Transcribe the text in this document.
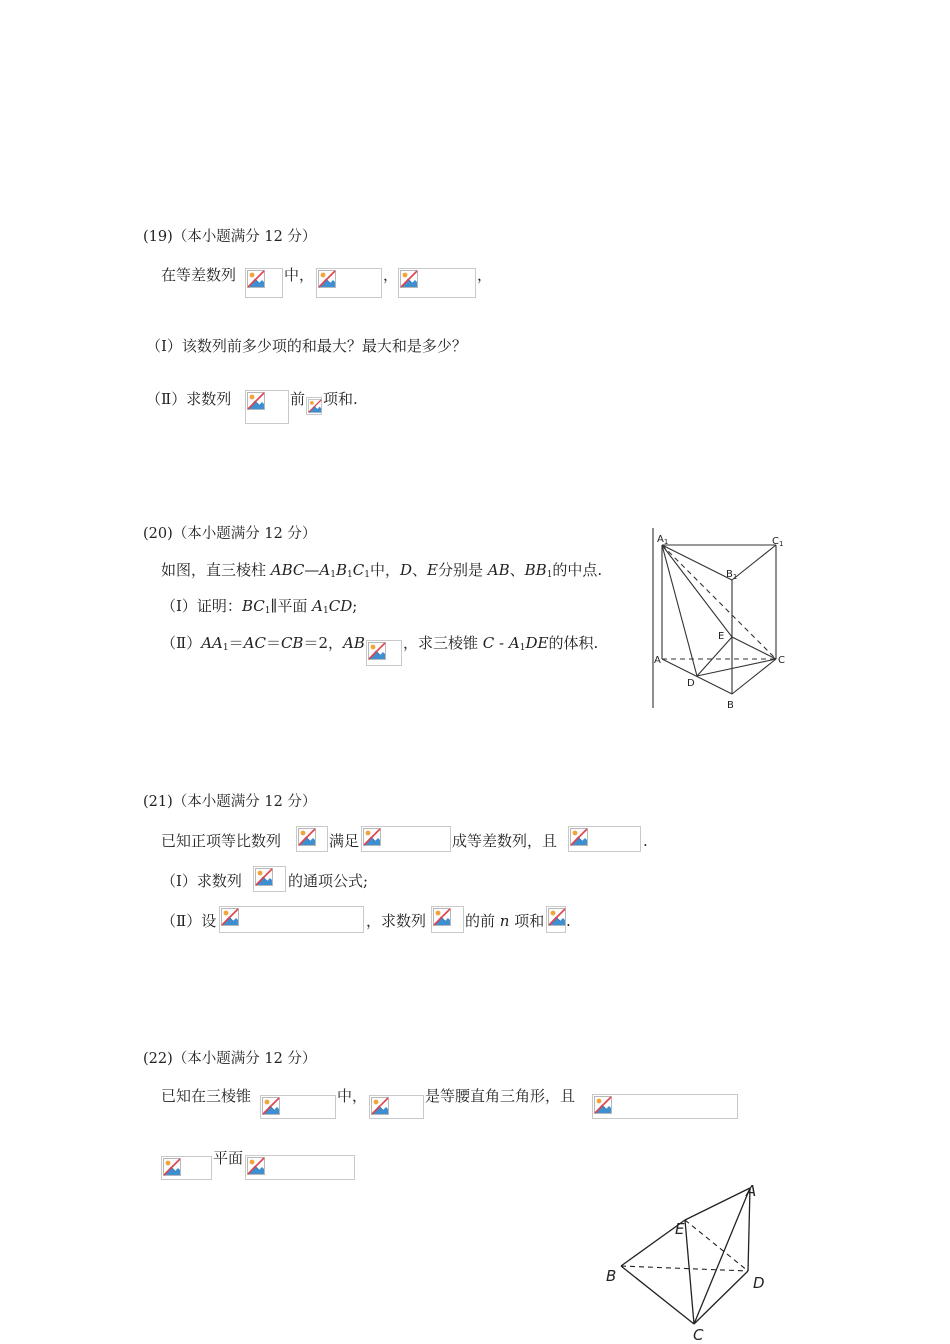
(19)（本小题满分 12 分）
在等差数列	中，	，	，
（Ⅰ）该数列前多少项的和最大？最大和是多少？
（Ⅱ）求数列	前 项和.
(20)（本小题满分 12 分）
如图，直三棱柱 $ABC—A_1B_1C_1$中，D、E分别是 AB、$BB_1$的中点.
（Ⅰ）证明：$BC_1\parallel$平面 $A_1CD$;
$(Ⅱ)AA_1=AC=CB=2$，AB	，求三棱锥 C - $A_1DE$的体积.
$A_1$	$C_1$
$B_1$
E
A	C
D
B
(21)（本小题满分 12 分）
已知正项等比数列	满足	成等差数列，且	.
（Ⅰ）求数列	的通项公式;
（Ⅱ）设	，求数列	的前 n 项和 .
(22)（本小题满分 12 分）
已知在三棱锥	中，	是等腰直角三角形，且
平面
A
E
B	D
C
